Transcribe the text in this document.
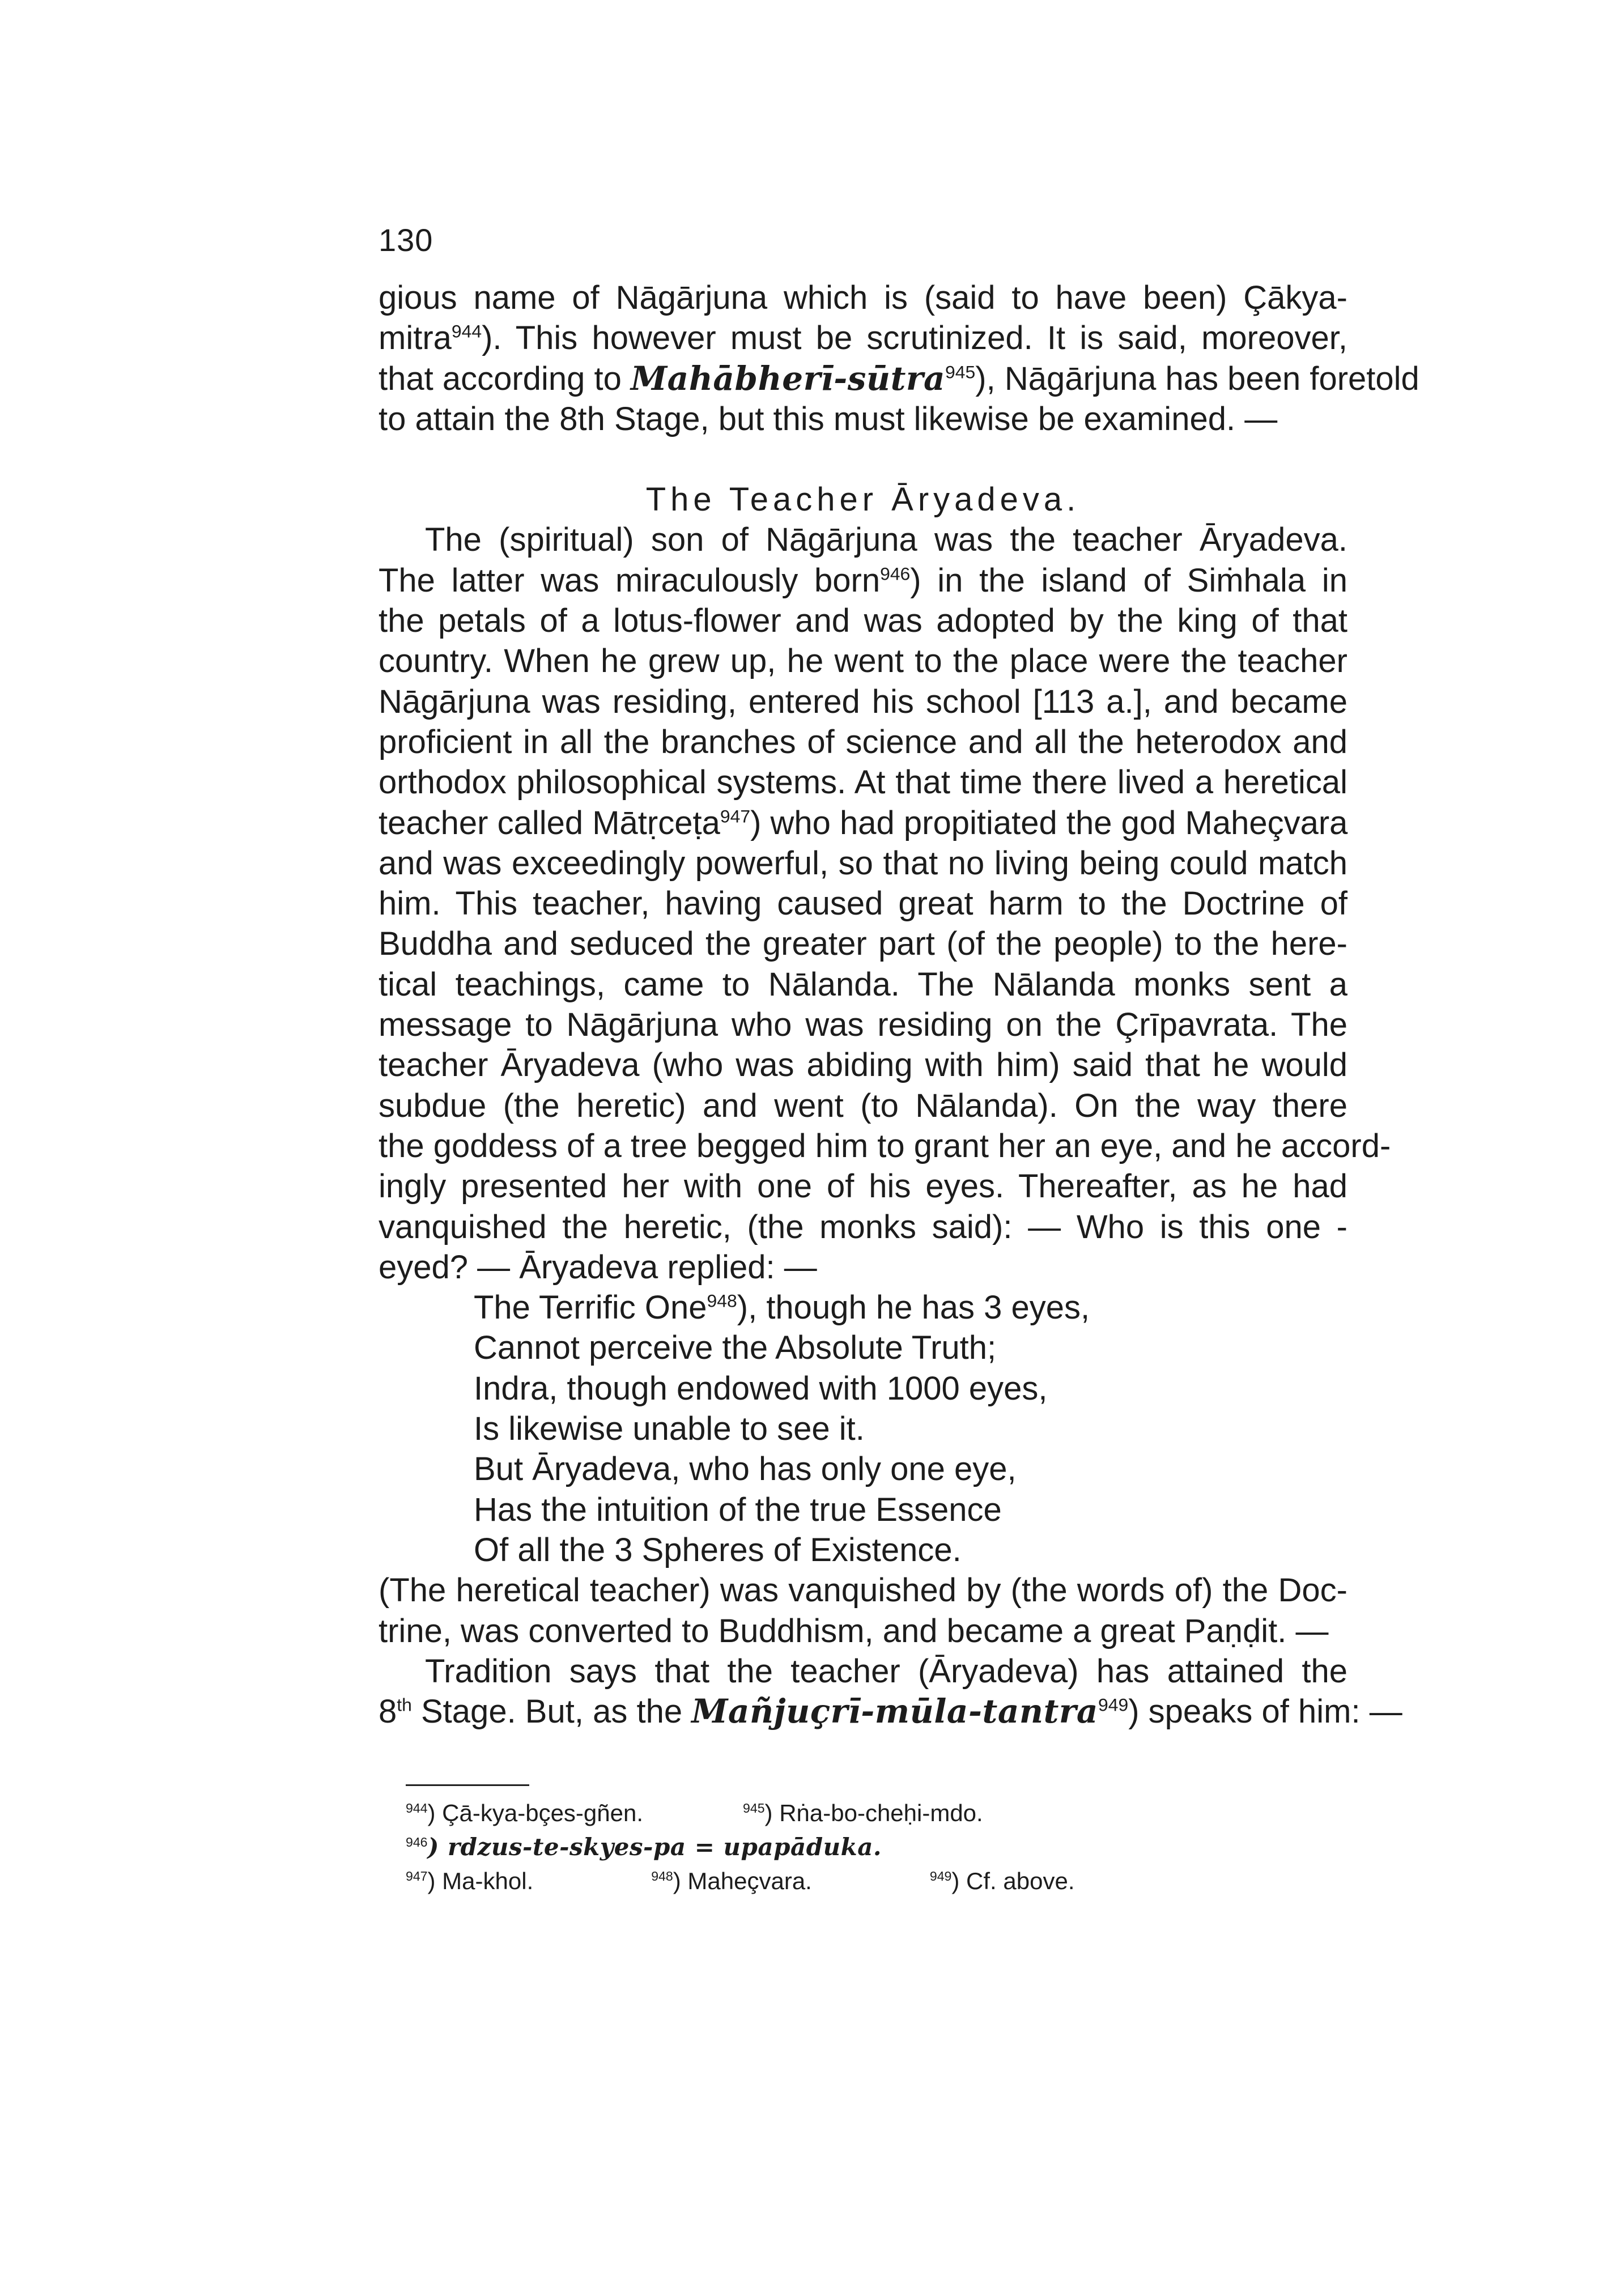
130
gious name of Nāgārjuna which is (said to have been) Çākya-
mitra$^{944}$). This however must be scrutinized. It is said, moreover,
that according to Mahābherī-sūtra$^{945}$), Nāgārjuna has been foretold
to attain the 8th Stage, but this must likewise be examined. —
The Teacher Āryadeva.
The (spiritual) son of Nāgārjuna was the teacher Āryadeva.
The latter was miraculously born$^{946}$) in the island of Siṁhala in
the petals of a lotus-flower and was adopted by the king of that
country. When he grew up, he went to the place were the teacher
Nāgārjuna was residing, entered his school [113 a.], and became
proficient in all the branches of science and all the heterodox and
orthodox philosophical systems. At that time there lived a heretical
teacher called Mātṛceṭa$^{947}$) who had propitiated the god Maheçvara
and was exceedingly powerful, so that no living being could match
him. This teacher, having caused great harm to the Doctrine of
Buddha and seduced the greater part (of the people) to the here-
tical teachings, came to Nālanda. The Nālanda monks sent a
message to Nāgārjuna who was residing on the Çrīpavrata. The
teacher Āryadeva (who was abiding with him) said that he would
subdue (the heretic) and went (to Nālanda). On the way there
the goddess of a tree begged him to grant her an eye, and he accord-
ingly presented her with one of his eyes. Thereafter, as he had
vanquished the heretic, (the monks said): — Who is this one -
eyed? — Āryadeva replied: —
The Terrific One$^{948}$), though he has 3 eyes,
Cannot perceive the Absolute Truth;
Indra, though endowed with 1000 eyes,
Is likewise unable to see it.
But Āryadeva, who has only one eye,
Has the intuition of the true Essence
Of all the 3 Spheres of Existence.
(The heretical teacher) was vanquished by (the words of) the Doc-
trine, was converted to Buddhism, and became a great Paṇḍit. —
Tradition says that the teacher (Āryadeva) has attained the
8th Stage. But, as the Mañjuçrī-mūla-tantra$^{949}$) speaks of him: —
$^{944}$) Çā-kya-bçes-gñen.	$^{945}$) Rṅa-bo-cheḥi-mdo.
$^{946}$) rdzus-te-skyes-pa = upapāduka.
$^{947}$) Ma-khol.	$^{948}$) Maheçvara.	$^{949}$) Cf. above.
